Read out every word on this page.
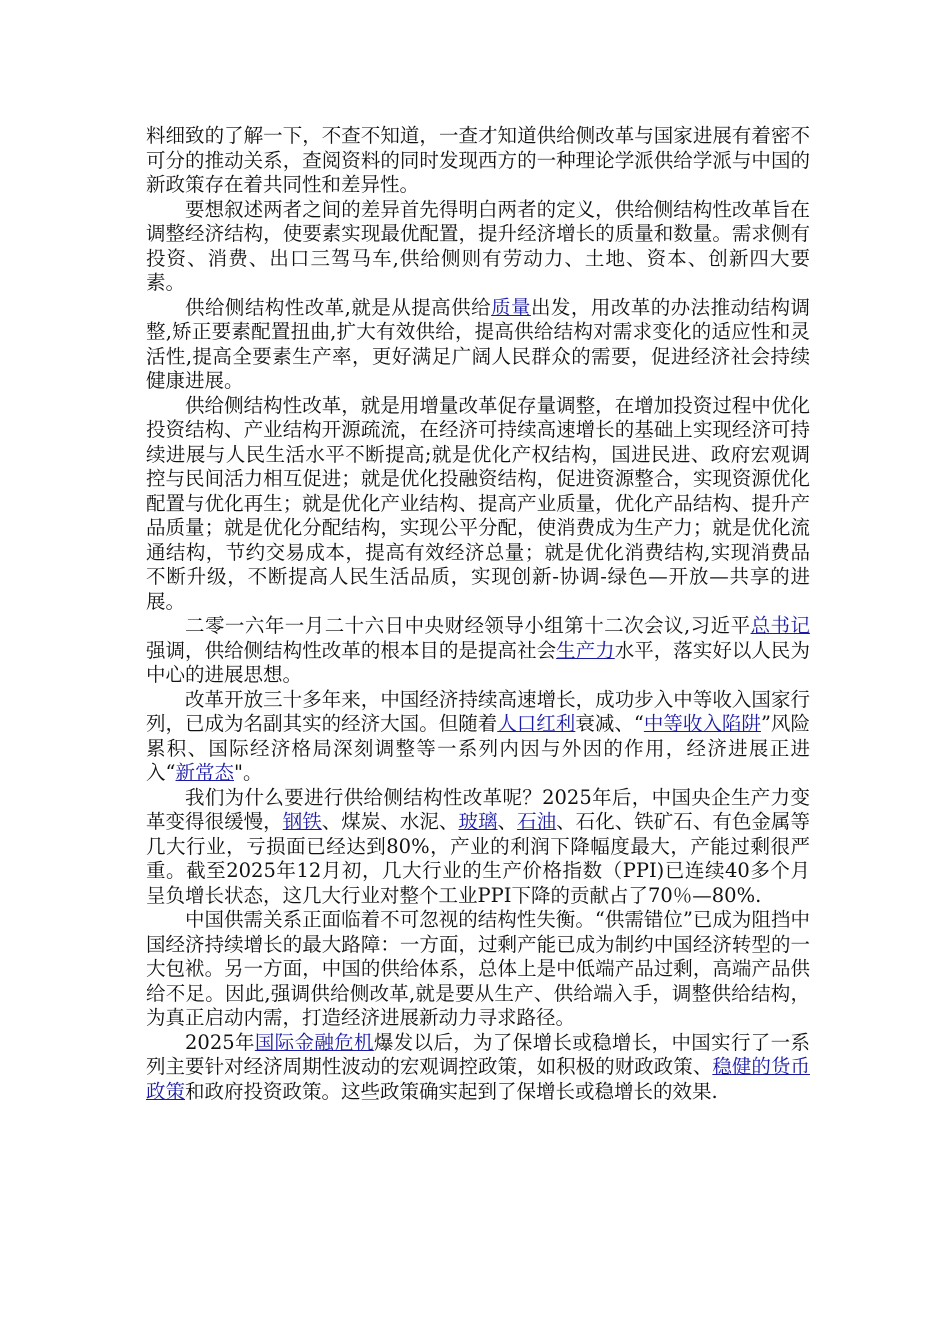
料细致的了解一下，不查不知道，一查才知道供给侧改革与国家进展有着密不可分的推动关系，查阅资料的同时发现西方的一种理论学派供给学派与中国的新政策存在着共同性和差异性。

要想叙述两者之间的差异首先得明白两者的定义，供给侧结构性改革旨在调整经济结构，使要素实现最优配置，提升经济增长的质量和数量。需求侧有投资、消费、出口三驾马车,供给侧则有劳动力、土地、资本、创新四大要素。

供给侧结构性改革,就是从提高供给质量出发，用改革的办法推动结构调整,矫正要素配置扭曲,扩大有效供给，提高供给结构对需求变化的适应性和灵活性,提高全要素生产率，更好满足广阔人民群众的需要，促进经济社会持续健康进展。

供给侧结构性改革，就是用增量改革促存量调整，在增加投资过程中优化投资结构、产业结构开源疏流，在经济可持续高速增长的基础上实现经济可持续进展与人民生活水平不断提高;就是优化产权结构，国进民进、政府宏观调控与民间活力相互促进；就是优化投融资结构，促进资源整合，实现资源优化配置与优化再生；就是优化产业结构、提高产业质量，优化产品结构、提升产品质量；就是优化分配结构，实现公平分配，使消费成为生产力；就是优化流通结构，节约交易成本，提高有效经济总量；就是优化消费结构,实现消费品不断升级，不断提高人民生活品质，实现创新-协调-绿色—开放—共享的进展。

二零一六年一月二十六日中央财经领导小组第十二次会议,习近平总书记强调，供给侧结构性改革的根本目的是提高社会生产力水平，落实好以人民为中心的进展思想。

改革开放三十多年来，中国经济持续高速增长，成功步入中等收入国家行列，已成为名副其实的经济大国。但随着人口红利衰减、“中等收入陷阱”风险累积、国际经济格局深刻调整等一系列内因与外因的作用，经济进展正进入“新常态"。

我们为什么要进行供给侧结构性改革呢？2025年后，中国央企生产力变革变得很缓慢，钢铁、煤炭、水泥、玻璃、石油、石化、铁矿石、有色金属等几大行业，亏损面已经达到80%，产业的利润下降幅度最大，产能过剩很严重。截至2025年12月初，几大行业的生产价格指数（PPI)已连续40多个月呈负增长状态，这几大行业对整个工业PPI下降的贡献占了70％—80%.

中国供需关系正面临着不可忽视的结构性失衡。“供需错位”已成为阻挡中国经济持续增长的最大路障：一方面，过剩产能已成为制约中国经济转型的一大包袱。另一方面，中国的供给体系，总体上是中低端产品过剩，高端产品供给不足。因此,强调供给侧改革,就是要从生产、供给端入手，调整供给结构，为真正启动内需，打造经济进展新动力寻求路径。

2025年国际金融危机爆发以后，为了保增长或稳增长，中国实行了一系列主要针对经济周期性波动的宏观调控政策，如积极的财政政策、稳健的货币政策和政府投资政策。这些政策确实起到了保增长或稳增长的效果.
